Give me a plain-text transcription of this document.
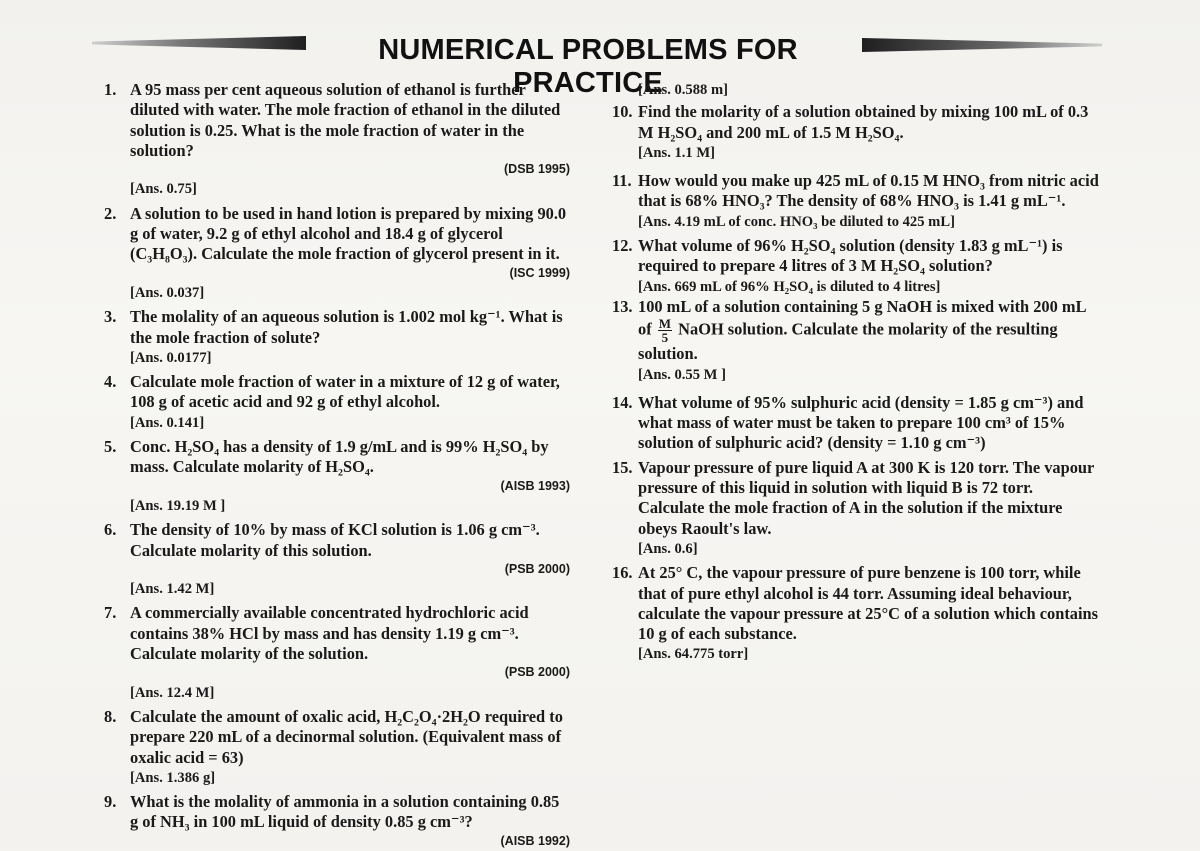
NUMERICAL PROBLEMS FOR PRACTICE
1. A 95 mass per cent aqueous solution of ethanol is further diluted with water. The mole fraction of ethanol in the diluted solution is 0.25. What is the mole fraction of water in the solution?
(DSB 1995)
[Ans. 0.75]
2. A solution to be used in hand lotion is prepared by mixing 90.0 g of water, 9.2 g of ethyl alcohol and 18.4 g of glycerol (C₃H₈O₃). Calculate the mole fraction of glycerol present in it.
(ISC 1999)
[Ans. 0.037]
3. The molality of an aqueous solution is 1.002 mol kg⁻¹. What is the mole fraction of solute?
[Ans. 0.0177]
4. Calculate mole fraction of water in a mixture of 12 g of water, 108 g of acetic acid and 92 g of ethyl alcohol.
[Ans. 0.141]
5. Conc. H₂SO₄ has a density of 1.9 g/mL and is 99% H₂SO₄ by mass. Calculate molarity of H₂SO₄.
(AISB 1993)
[Ans. 19.19 M ]
6. The density of 10% by mass of KCl solution is 1.06 g cm⁻³. Calculate molarity of this solution.
(PSB 2000)
[Ans. 1.42 M]
7. A commercially available concentrated hydrochloric acid contains 38% HCl by mass and has density 1.19 g cm⁻³. Calculate molarity of the solution.
(PSB 2000)
[Ans. 12.4 M]
8. Calculate the amount of oxalic acid, H₂C₂O₄·2H₂O required to prepare 220 mL of a decinormal solution. (Equivalent mass of oxalic acid = 63)
[Ans. 1.386 g]
9. What is the molality of ammonia in a solution containing 0.85 g of NH₃ in 100 mL liquid of density 0.85 g cm⁻³?
(AISB 1992)
[Ans. 0.588 m]
10. Find the molarity of a solution obtained by mixing 100 mL of 0.3 M H₂SO₄ and 200 mL of 1.5 M H₂SO₄.
[Ans. 1.1 M]
11. How would you make up 425 mL of 0.15 M HNO₃ from nitric acid that is 68% HNO₃? The density of 68% HNO₃ is 1.41 g mL⁻¹.
[Ans. 4.19 mL of conc. HNO₃ be diluted to 425 mL]
12. What volume of 96% H₂SO₄ solution (density 1.83 g mL⁻¹) is required to prepare 4 litres of 3 M H₂SO₄ solution?
[Ans. 669 mL of 96% H₂SO₄ is diluted to 4 litres]
13. 100 mL of a solution containing 5 g NaOH is mixed with 200 mL of $\frac{M}{5}$ NaOH solution. Calculate the molarity of the resulting solution.
[Ans. 0.55 M ]
14. What volume of 95% sulphuric acid (density = 1.85 g cm⁻³) and what mass of water must be taken to prepare 100 cm³ of 15% solution of sulphuric acid? (density = 1.10 g cm⁻³)
15. Vapour pressure of pure liquid A at 300 K is 120 torr. The vapour pressure of this liquid in solution with liquid B is 72 torr. Calculate the mole fraction of A in the solution if the mixture obeys Raoult's law.
[Ans. 0.6]
16. At 25° C, the vapour pressure of pure benzene is 100 torr, while that of pure ethyl alcohol is 44 torr. Assuming ideal behaviour, calculate the vapour pressure at 25°C of a solution which contains 10 g of each substance.
[Ans. 64.775 torr]
